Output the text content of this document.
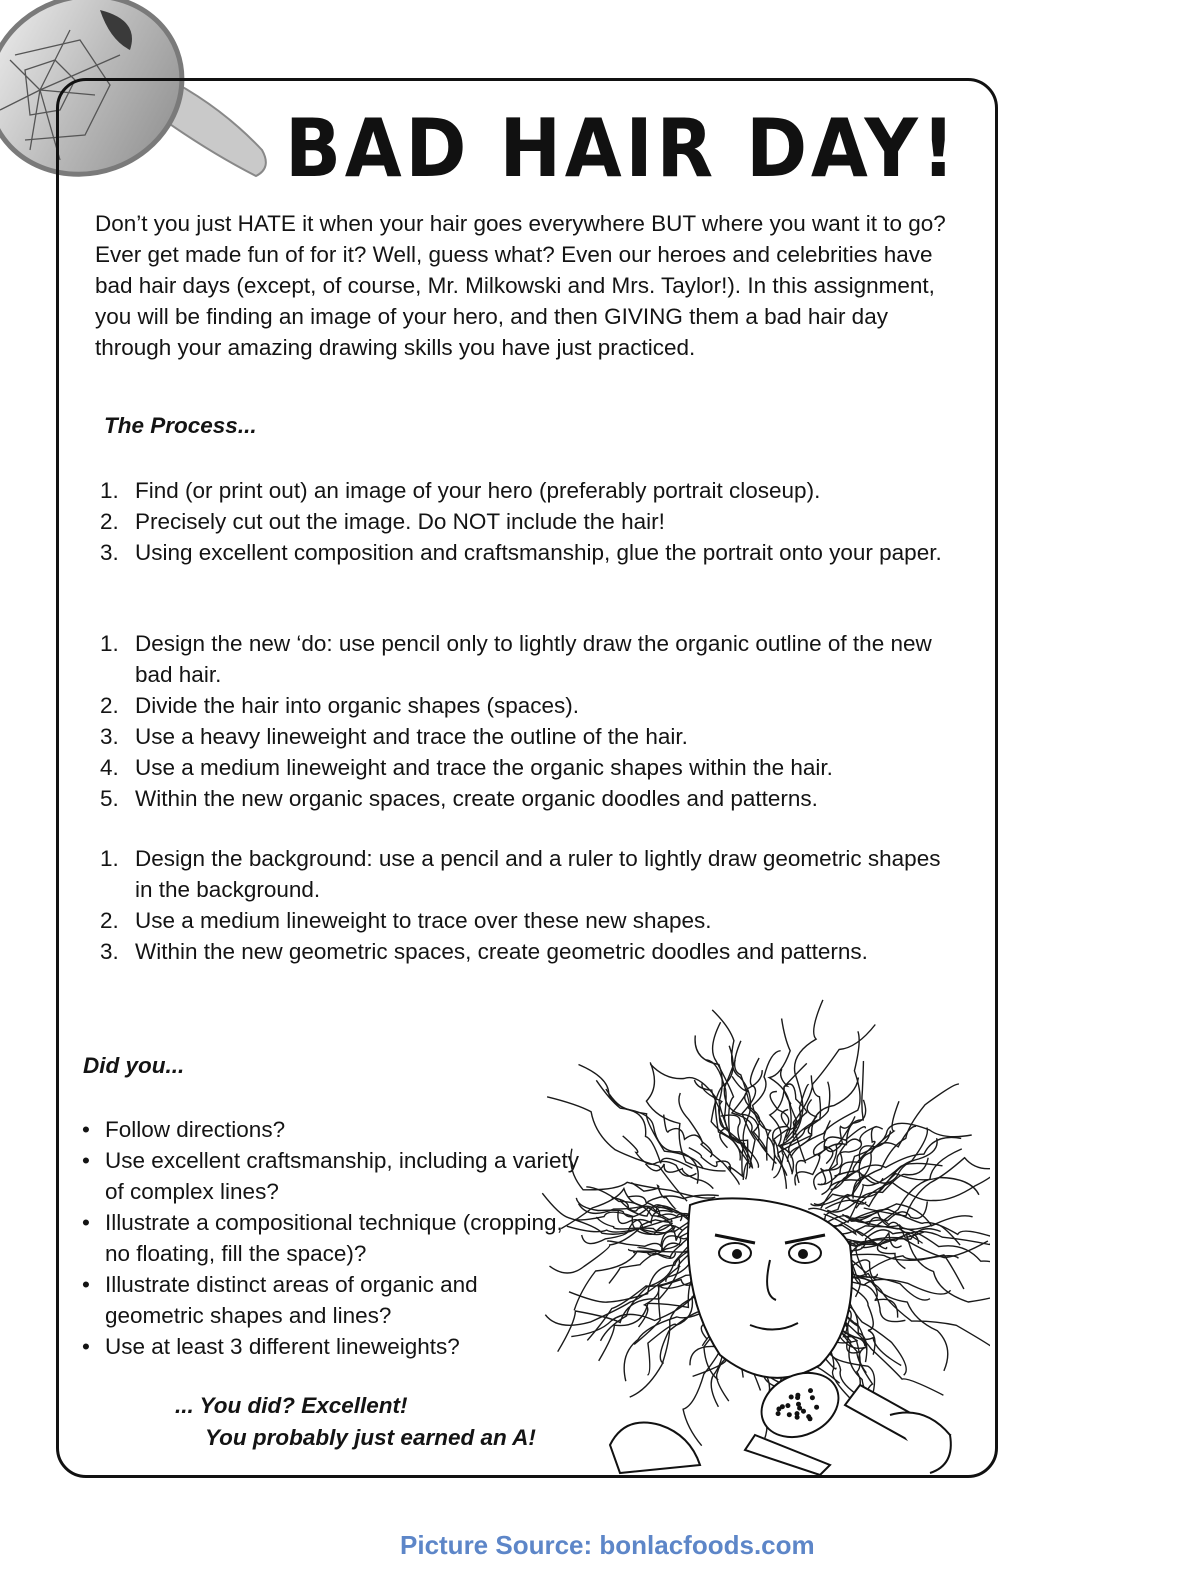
BAD HAIR DAY!

Don’t you just HATE it when your hair goes everywhere BUT where you want it to go? Ever get made fun of for it? Well, guess what? Even our heroes and celebrities have bad hair days (except, of course, Mr. Milkowski and Mrs. Taylor!). In this assignment, you will be finding an image of your hero, and then GIVING them a bad hair day through your amazing drawing skills you have just practiced.

The Process...

1. Find (or print out) an image of your hero (preferably portrait closeup).
2. Precisely cut out the image. Do NOT include the hair!
3. Using excellent composition and craftsmanship, glue the portrait onto your paper.
1. Design the new ‘do: use pencil only to lightly draw the organic outline of the new bad hair.
2. Divide the hair into organic shapes (spaces).
3. Use a heavy lineweight and trace the outline of the hair.
4. Use a medium lineweight and trace the organic shapes within the hair.
5. Within the new organic spaces, create organic doodles and patterns.
1. Design the background: use a pencil and a ruler to lightly draw geometric shapes in the background.
2. Use a medium lineweight to trace over these new shapes.
3. Within the new geometric spaces, create geometric doodles and patterns.

Did you...

• Follow directions?
• Use excellent craftsmanship, including a variety of complex lines?
• Illustrate a compositional technique (cropping, no floating, fill the space)?
• Illustrate distinct areas of organic and geometric shapes and lines?
• Use at least 3 different lineweights?

... You did? Excellent!
You probably just earned an A!

Picture Source: bonlacfoods.com
